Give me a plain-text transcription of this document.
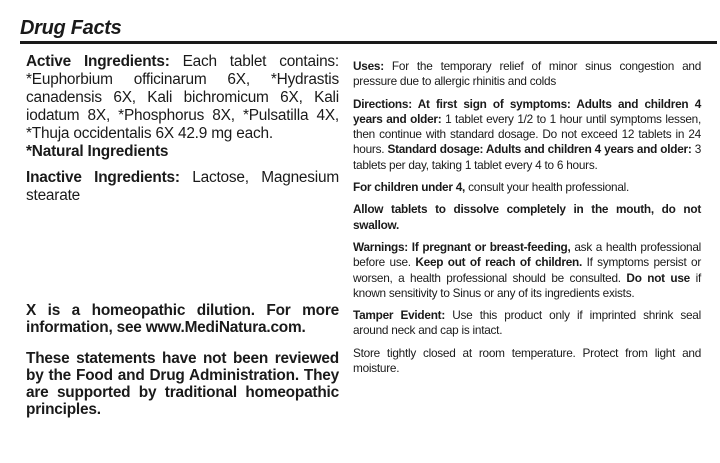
Drug Facts

Active Ingredients: Each tablet contains: *Euphorbium officinarum 6X, *Hydrastis canadensis 6X, Kali bichromicum 6X, Kali iodatum 8X, *Phosphorus 8X, *Pulsatilla 4X, *Thuja occidentalis 6X 42.9 mg each.
*Natural Ingredients

Inactive Ingredients: Lactose, Magnesium stearate

X is a homeopathic dilution. For more information, see www.MediNatura.com.

These statements have not been reviewed by the Food and Drug Administration. They are supported by traditional homeopathic principles.

Uses: For the temporary relief of minor sinus congestion and pressure due to allergic rhinitis and colds

Directions: At first sign of symptoms: Adults and children 4 years and older: 1 tablet every 1/2 to 1 hour until symptoms lessen, then continue with standard dosage. Do not exceed 12 tablets in 24 hours. Standard dosage: Adults and children 4 years and older: 3 tablets per day, taking 1 tablet every 4 to 6 hours.

For children under 4, consult your health professional.

Allow tablets to dissolve completely in the mouth, do not swallow.

Warnings: If pregnant or breast-feeding, ask a health professional before use. Keep out of reach of children. If symptoms persist or worsen, a health professional should be consulted. Do not use if known sensitivity to Sinus or any of its ingredients exists.

Tamper Evident: Use this product only if imprinted shrink seal around neck and cap is intact.

Store tightly closed at room temperature. Protect from light and moisture.
